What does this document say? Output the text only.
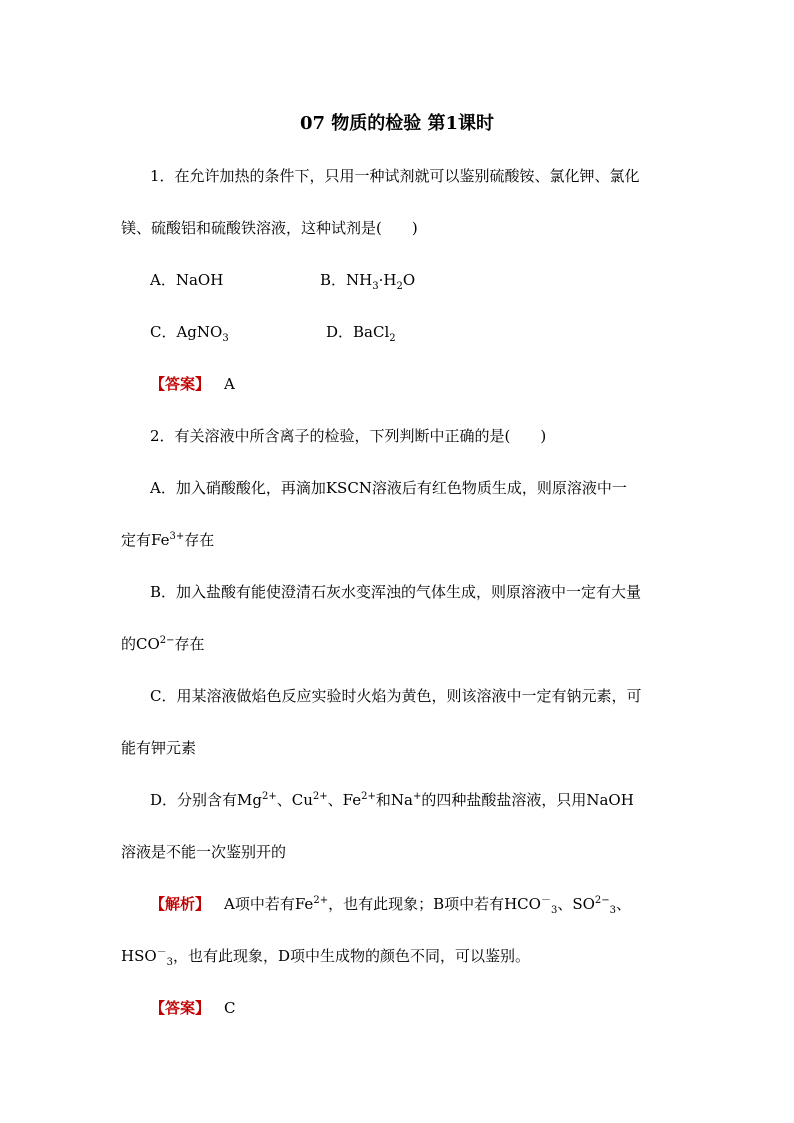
07 物质的检验 第1课时
1．在允许加热的条件下，只用一种试剂就可以鉴别硫酸铵、氯化钾、氯化
镁、硫酸铝和硫酸铁溶液，这种试剂是(　　)
A．NaOH	B．$NH_3\cdot H_2O$
C．AgNO$_3$	D．BaCl$_2$
【答案】 A
2．有关溶液中所含离子的检验，下列判断中正确的是(　　)
A．加入硝酸酸化，再滴加KSCN溶液后有红色物质生成，则原溶液中一
定有$Fe^{3+}$存在
B．加入盐酸有能使澄清石灰水变浑浊的气体生成，则原溶液中一定有大量
的$CO^{2-}$存在
C．用某溶液做焰色反应实验时火焰为黄色，则该溶液中一定有钠元素，可
能有钾元素
D．分别含有$Mg^{2+}$、$Cu^{2+}$、$Fe^{2+}$和Na+的四种盐酸盐溶液，只用NaOH
溶液是不能一次鉴别开的
【解析】 A项中若有$Fe^{2+}$，也有此现象；B项中若有$HCO^-_3$、$SO^{2-}_3$、
$HSO^-_3$，也有此现象，D项中生成物的颜色不同，可以鉴别。
【答案】 C
